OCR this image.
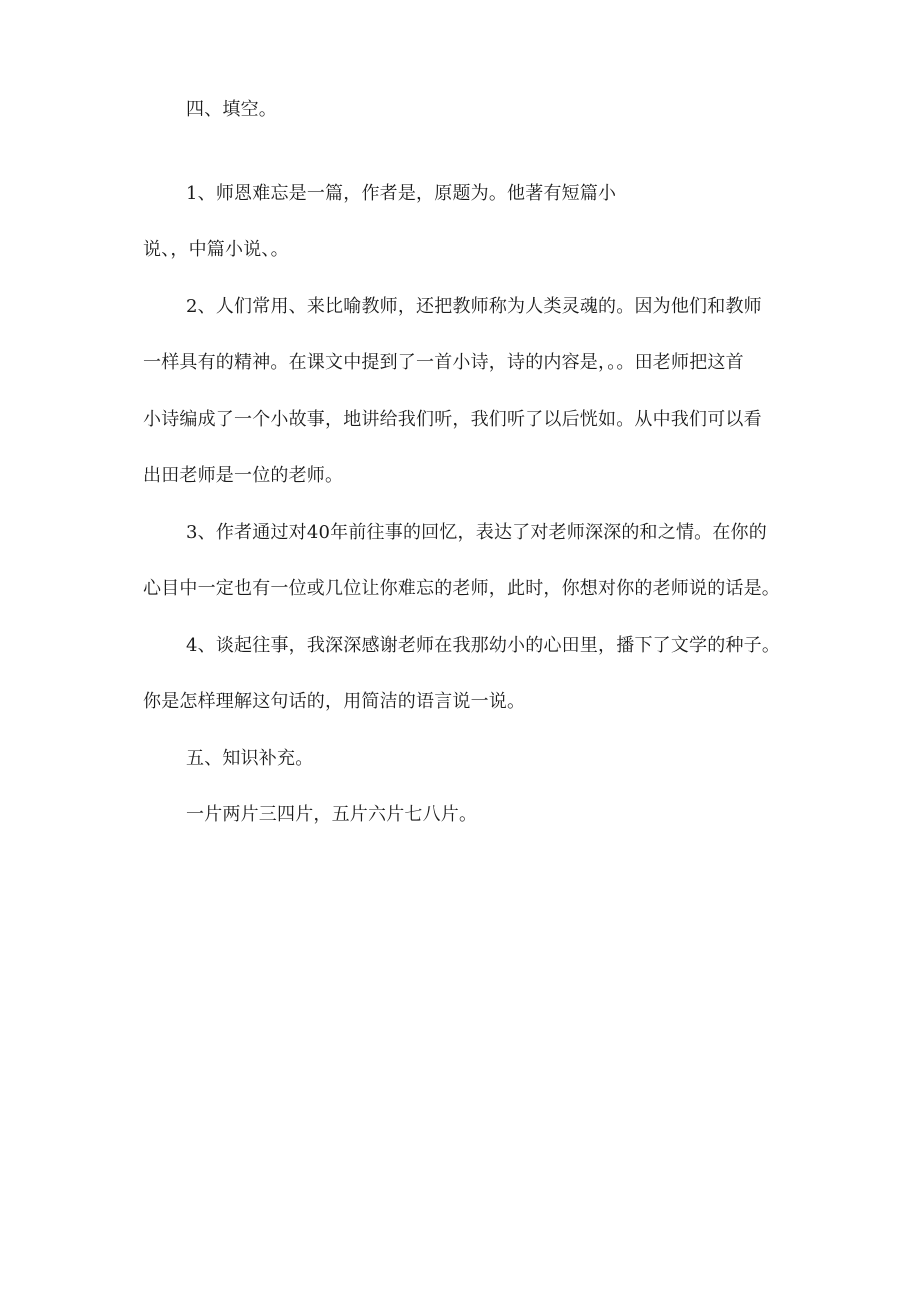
四、填空。
1、师恩难忘是一篇，作者是，原题为。他著有短篇小
说、，中篇小说、。
2、人们常用、来比喻教师，还把教师称为人类灵魂的。因为他们和教师
一样具有的精神。在课文中提到了一首小诗，诗的内容是，。。田老师把这首
小诗编成了一个小故事，地讲给我们听，我们听了以后恍如。从中我们可以看
出田老师是一位的老师。
3、作者通过对40年前往事的回忆，表达了对老师深深的和之情。在你的
心目中一定也有一位或几位让你难忘的老师，此时，你想对你的老师说的话是。
4、谈起往事，我深深感谢老师在我那幼小的心田里，播下了文学的种子。
你是怎样理解这句话的，用简洁的语言说一说。
五、知识补充。
一片两片三四片，五片六片七八片。
